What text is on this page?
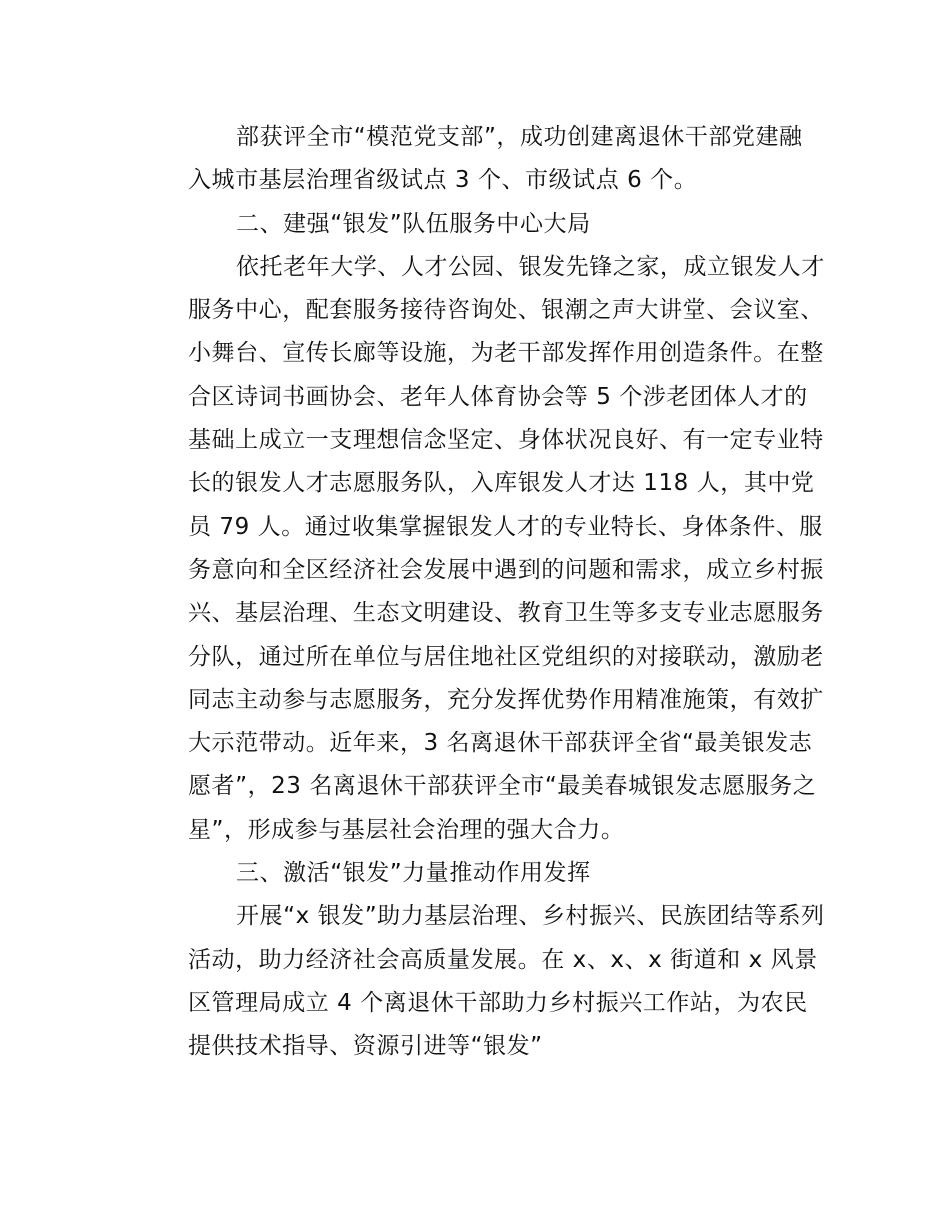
部获评全市“模范党支部”，成功创建离退休干部党建融
入城市基层治理省级试点 3 个、市级试点 6 个。

二、建强“银发”队伍服务中心大局

依托老年大学、人才公园、银发先锋之家，成立银发人才
服务中心，配套服务接待咨询处、银潮之声大讲堂、会议室、
小舞台、宣传长廊等设施，为老干部发挥作用创造条件。在整
合区诗词书画协会、老年人体育协会等 5 个涉老团体人才的
基础上成立一支理想信念坚定、身体状况良好、有一定专业特
长的银发人才志愿服务队，入库银发人才达 118 人，其中党
员 79 人。通过收集掌握银发人才的专业特长、身体条件、服
务意向和全区经济社会发展中遇到的问题和需求，成立乡村振
兴、基层治理、生态文明建设、教育卫生等多支专业志愿服务
分队，通过所在单位与居住地社区党组织的对接联动，激励老
同志主动参与志愿服务，充分发挥优势作用精准施策，有效扩
大示范带动。近年来，3 名离退休干部获评全省“最美银发志
愿者”，23 名离退休干部获评全市“最美春城银发志愿服务之
星”，形成参与基层社会治理的强大合力。

三、激活“银发”力量推动作用发挥

开展“x 银发”助力基层治理、乡村振兴、民族团结等系列
活动，助力经济社会高质量发展。在 x、x、x 街道和 x 风景
区管理局成立 4 个离退休干部助力乡村振兴工作站，为农民
提供技术指导、资源引进等“银发”
